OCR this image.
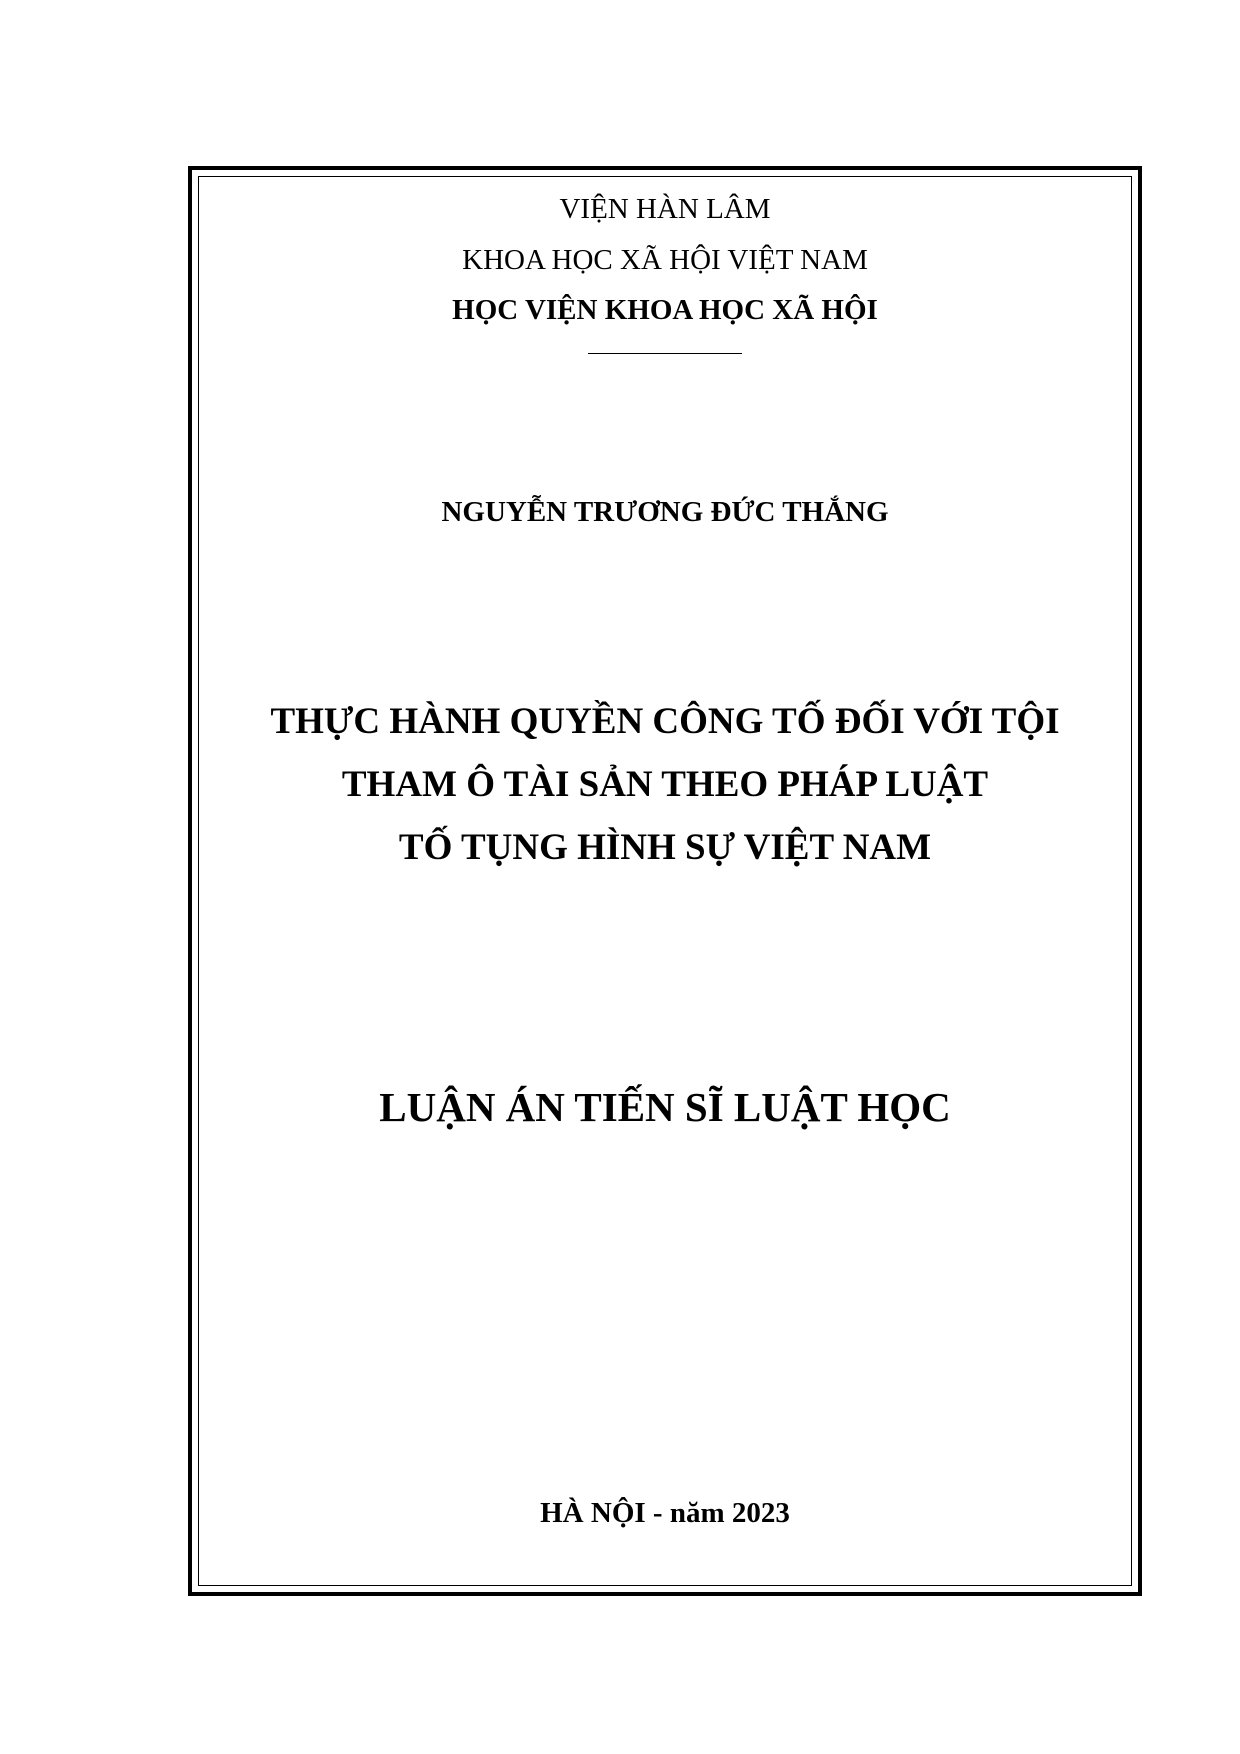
VIỆN HÀN LÂM
KHOA HỌC XÃ HỘI VIỆT NAM
HỌC VIỆN KHOA HỌC XÃ HỘI
NGUYỄN TRƯƠNG ĐỨC THẮNG
THỰC HÀNH QUYỀN CÔNG TỐ ĐỐI VỚI TỘI
THAM Ô TÀI SẢN THEO PHÁP LUẬT
TỐ TỤNG HÌNH SỰ VIỆT NAM
LUẬN ÁN TIẾN SĨ LUẬT HỌC
HÀ NỘI - năm 2023
